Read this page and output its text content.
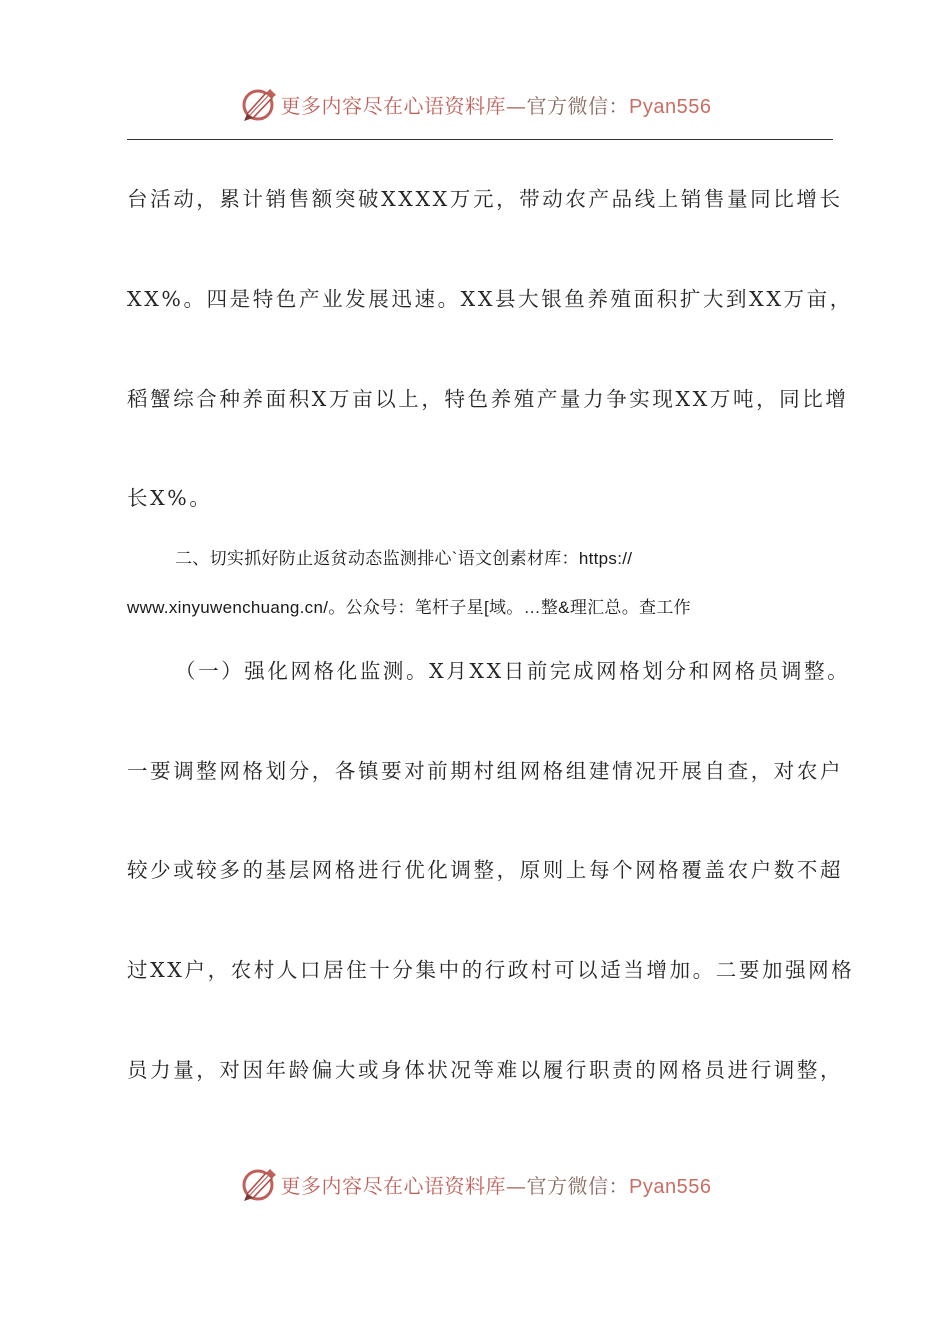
更多内容尽在心语资料库—官方微信：Pyan556
台活动，累计销售额突破XXXX万元，带动农产品线上销售量同比增长
XX%。四是特色产业发展迅速。XX县大银鱼养殖面积扩大到XX万亩，
稻蟹综合种养面积X万亩以上，特色养殖产量力争实现XX万吨，同比增
长X%。
二、切实抓好防止返贫动态监测排心`语文创素材库：https://
www.xinyuwenchuang.cn/。公众号：笔杆子星[域。…整&理汇总。查工作
（一）强化网格化监测。X月XX日前完成网格划分和网格员调整。
一要调整网格划分，各镇要对前期村组网格组建情况开展自查，对农户
较少或较多的基层网格进行优化调整，原则上每个网格覆盖农户数不超
过XX户，农村人口居住十分集中的行政村可以适当增加。二要加强网格
员力量，对因年龄偏大或身体状况等难以履行职责的网格员进行调整，
更多内容尽在心语资料库—官方微信：Pyan556
